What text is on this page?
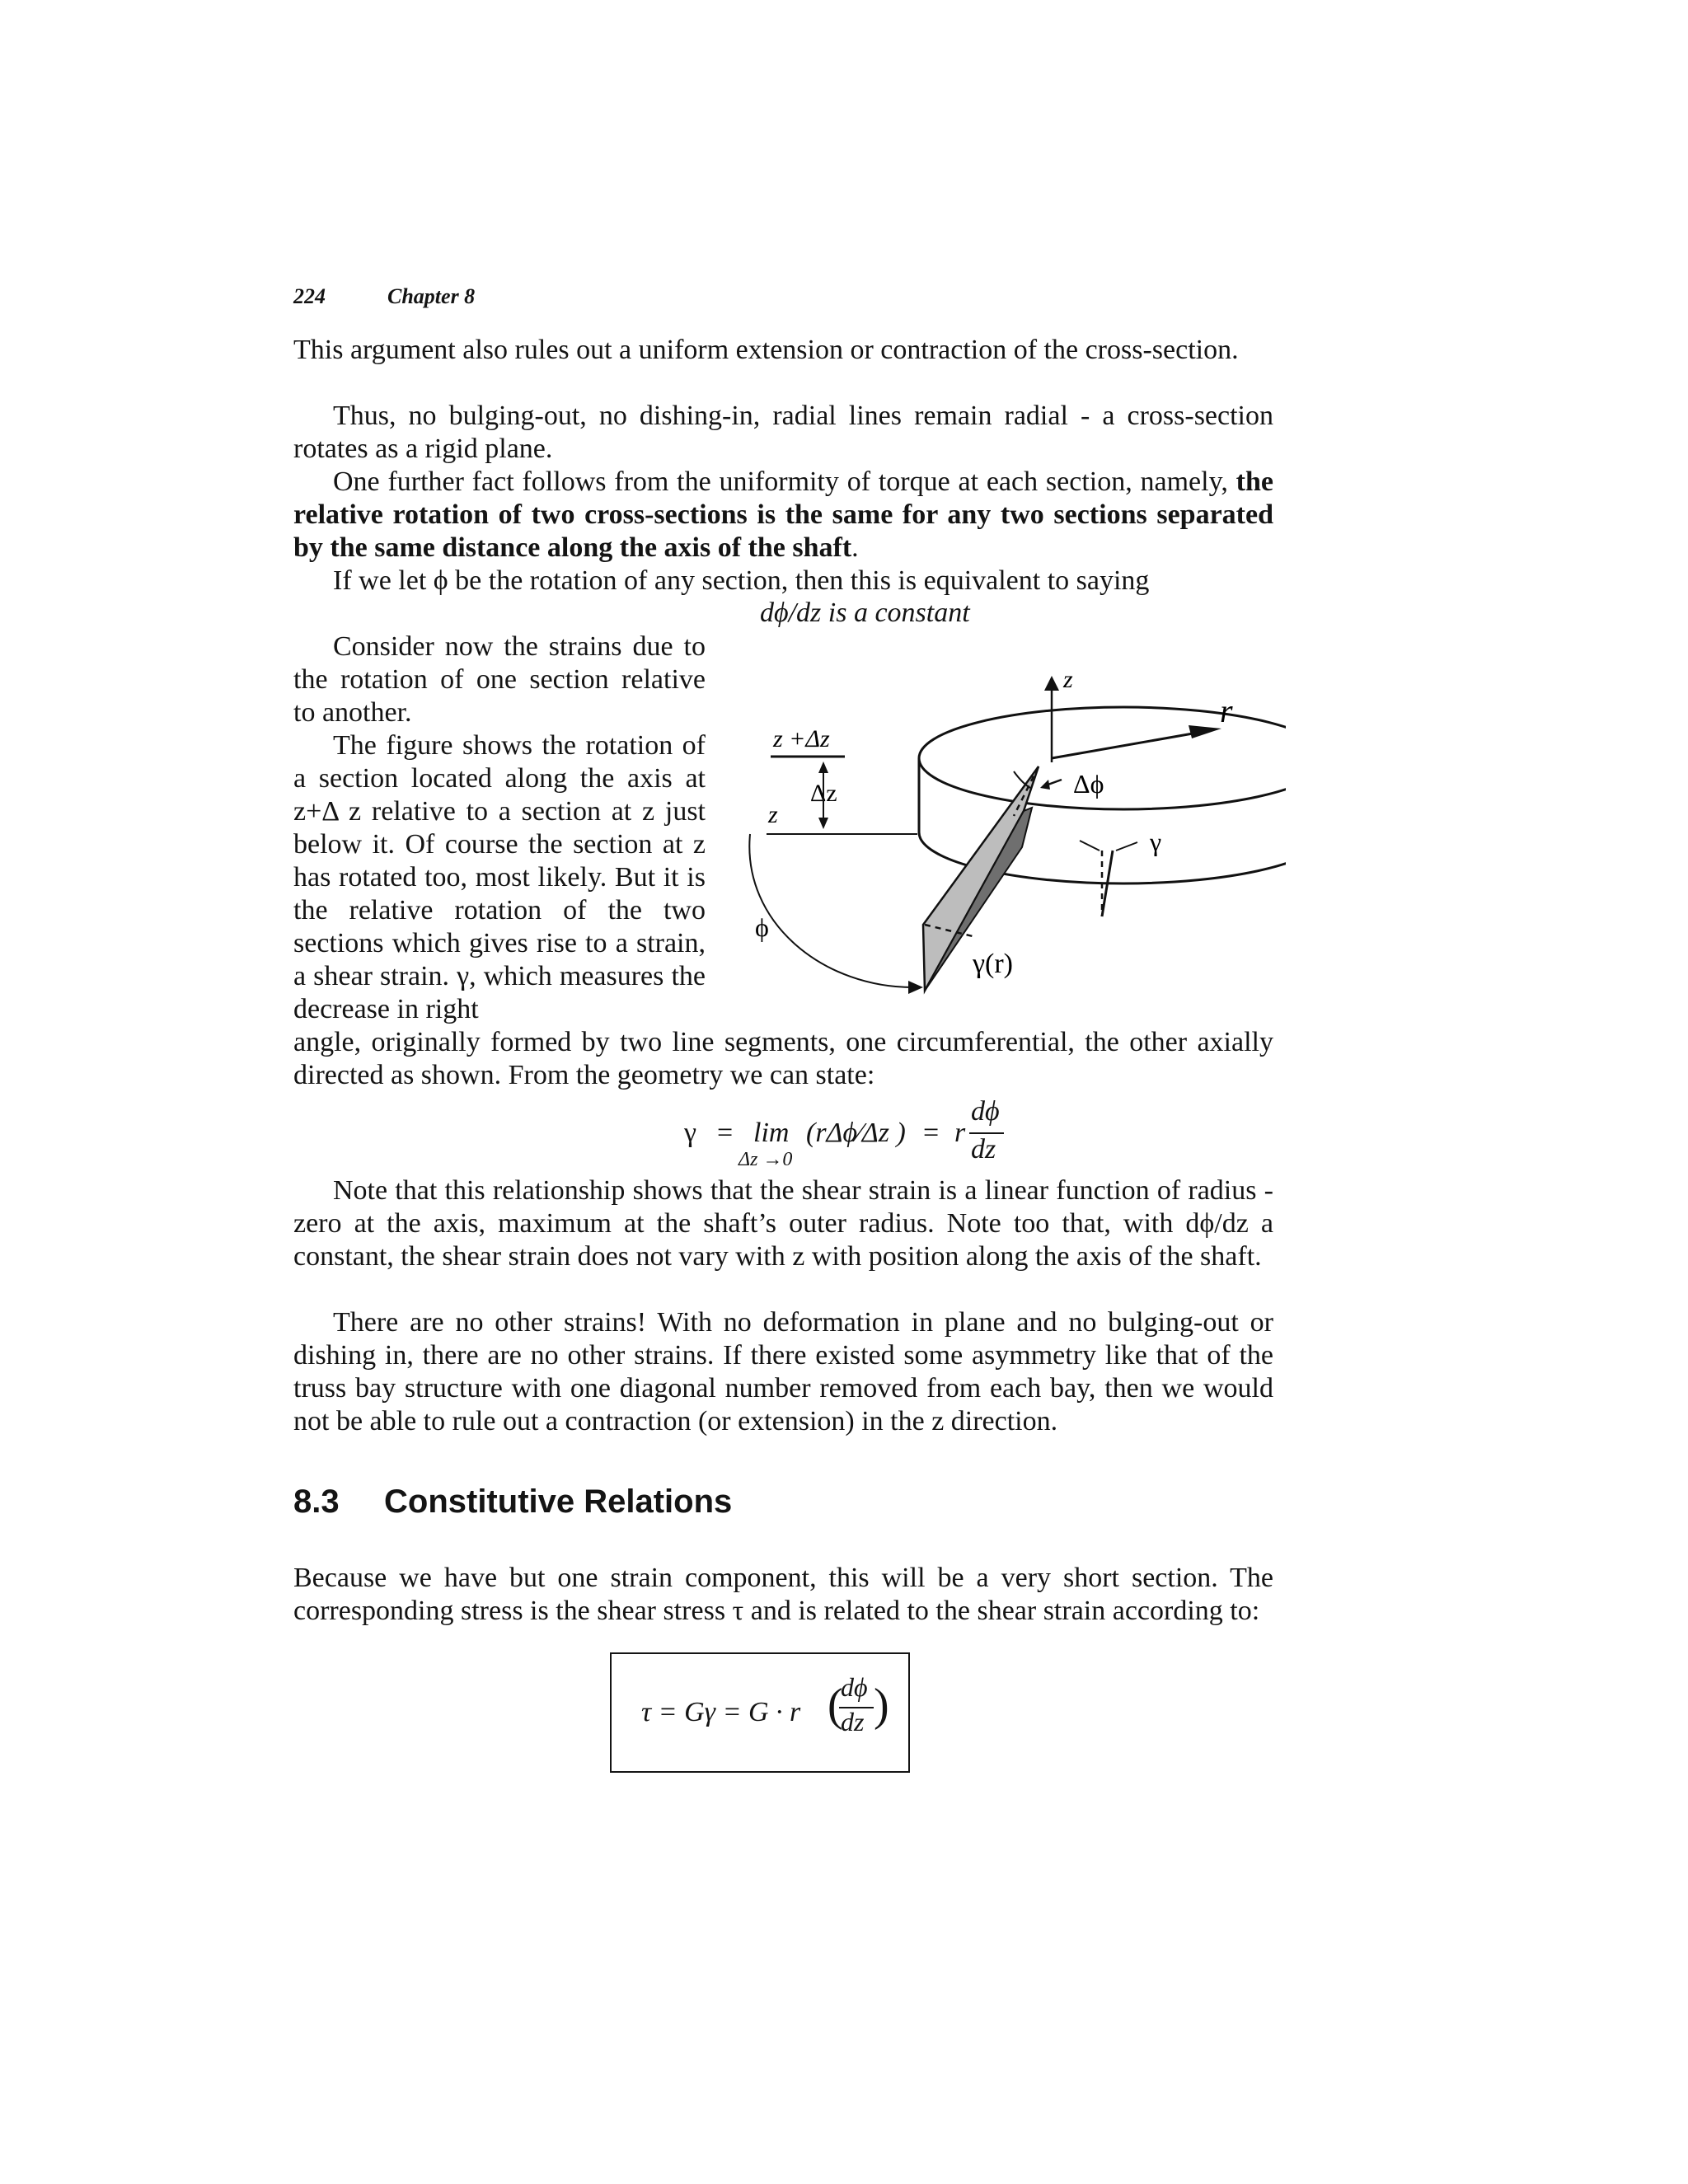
224	Chapter 8
This argument also rules out a uniform extension or contraction of the cross-section.
Thus, no bulging-out, no dishing-in, radial lines remain radial - a cross-section rotates as a rigid plane.
One further fact follows from the uniformity of torque at each section, namely, the relative rotation of two cross-sections is the same for any two sections separated by the same distance along the axis of the shaft.
If we let ϕ be the rotation of any section, then this is equivalent to saying
dϕ/dz is a constant
Consider now the strains due to the rotation of one section relative to another.
The figure shows the rotation of a section located along the axis at z+Δ z relative to a section at z just below it. Of course the section at z has rotated too, most likely. But it is the relative rotation of the two sections which gives rise to a strain, a shear strain. γ, which measures the decrease in right
angle, originally formed by two line segments, one circumferential, the other axially directed as shown. From the geometry we can state:
z
r
z +Δz
z
Δz
γ
Δϕ
ϕ
γ(r)
γ = lim
Δz →0
(rΔϕ⁄Δz ) = r
dϕ
dz
Note that this relationship shows that the shear strain is a linear function of radius - zero at the axis, maximum at the shaft’s outer radius. Note too that, with dϕ/dz a constant, the shear strain does not vary with z with position along the axis of the shaft.
There are no other strains! With no deformation in plane and no bulging-out or dishing in, there are no other strains. If there existed some asymmetry like that of the truss bay structure with one diagonal number removed from each bay, then we would not be able to rule out a contraction (or extension) in the z direction.
8.3 Constitutive Relations
Because we have but one strain component, this will be a very short section. The corresponding stress is the shear stress τ and is related to the shear strain according to:
τ = Gγ = G · r (
dϕ
dz )
